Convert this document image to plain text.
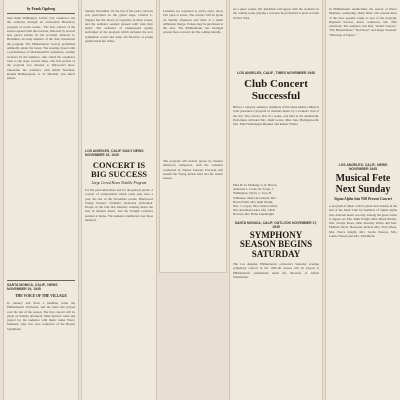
by Frank Ogsberg
Sam Zalin Wallington, Culver City conductor, led the orchestra through an all-modern Broadway program of recent works... The first concert of the season opened with the overture, followed by several new pieces written for the occasion. Director A. Hotchkiss, an early member of the club, introduced the program. The Philharmonic Society performed admirably under the baton. The evening closed with a performance of Mendelssohn's symphony, warmly received by the audience, who called the conductor back to the stage several times. The full portion of the program was devoted to Delacorte's Row. Thereafter the orchestra, with Alfred Newman, Kennie Haltherspoon, A. D. Mitchell, and others joined.
SANTA MONICA, CALIF., NEWS NOVEMBER 19, 1945
THE VOICE OF THE VILLAGE
In January and from a headline come the Philharmonic Orchestra, and the band that played over the last of the season. The first concert will be given on Sunday afternoon. Miss Spencer came and played for the audience with music under Pierre Monteux, who was once conductor of the Boston Symphony.
Sunday, November 18, the last of the year's concerts was performed on the grand stage. Charles L. Wagner has the choice of repertoire in these events, and the audience seemed pleased with what they heard. The orchestra of unsurpassed quality performed in the program which included the new symphonic works and some old favorites. A young pianist made her debut.
LOS ANGELES, CALIF. DAILY NEWS NOVEMBER 19, 1945
CONCERT IS BIG SUCCESS
Large Crowd Hears Notable Program
For the paid subscribers and for the general public, a concert of compositions which come only once a year, the last of the November events. Brentwood Young People's Chamber Orchestra performed. People in the tent that Monday evening heard the best in modern music, and the Tonight orchestra seemed at home. The audience numbered over three hundred.
Listeners are requested to arrive early; doors will open at seven. The concert will be given on Sunday afternoon and there is a small admission charge. Tickets may be purchased at the door. The Philharmonic has arranged several more concerts for the coming months.
The program will feature pieces by modern American composers, with the orchestra conducted by Werner Janssen. Proceeds will benefit the Young Artists fund and the winter season.
As a guest soloist, Mr. Kaufman will appear with the orchestra in the coming week, playing a concerto he performed to great acclaim in New York.
LOS ANGELES, CALIF., TIMES NOVEMBER 1945
Club Concert Successful
Before a capacity audience, members of the Santa Monica Musical Club presented a program of chamber music by a woman's club of the city. The concert, first in a series, was held at the auditorium. Performers included Mrs. Ruth Lewis, Miss Jane Hollingsworth, Mrs. Ethel Walkington-Brunner and Robert Wilder.
Miss M. D. Manning, G. R. Brown,
Anderson L. Crane, M. Foster, J.
Walkington, Sylvia, C. Ivey, B.
Wilkinson, Maria Arrowhead, Mrs.
Harold Weill, Mrs. Ruth Wright,
Mrs. J. Cooper, Mrs. Charles Oliver,
Mrs. Rosamond Aller, Mrs. Lilian
Howard, Mrs. Hohn Lakenbright.
SANTA MONICA, CALIF. OUTLOOK NOVEMBER 17, 1945
SYMPHONY SEASON BEGINS SATURDAY
The Los Angeles Philharmonic orchestra's Saturday evening symphony concert in the 1945-46 season will be played at Philharmonic Auditorium under the direction of Alfred Wallenstein.
In Philharmonic Auditorium, the season of Pierre Monteux conducting. Ruby Riley will present three of the most popular songs as part of the program. Reginald Stewart, music conductor, will offer selections. The audience will hear "Grand Canyon," "Ein Heldenleben," "Red Rose" and Roger Sessions' "Marriage of Figaro."
LOS ANGELES, CALIF., NEWS NOVEMBER 1945
Musical Fete Next Sunday
Sigma Alpha Iota Will Present Concert
A program of music will be given next Sunday in the hall of the Ebell Club by members of Sigma Alpha Iota, national music sorority. Among the guest artists to appear are Mrs. Ruth Wright, Miss Helen Barnes, Mrs. Gladys Rowe, Miss Dorothy Weber and Mrs. Mildred Davis. Hostesses include Mrs. Fred Olson, Mrs. Pierce Knight, Mrs. Lucile Parsons, Mrs. Louise Nelson and Mrs. John Brant.
